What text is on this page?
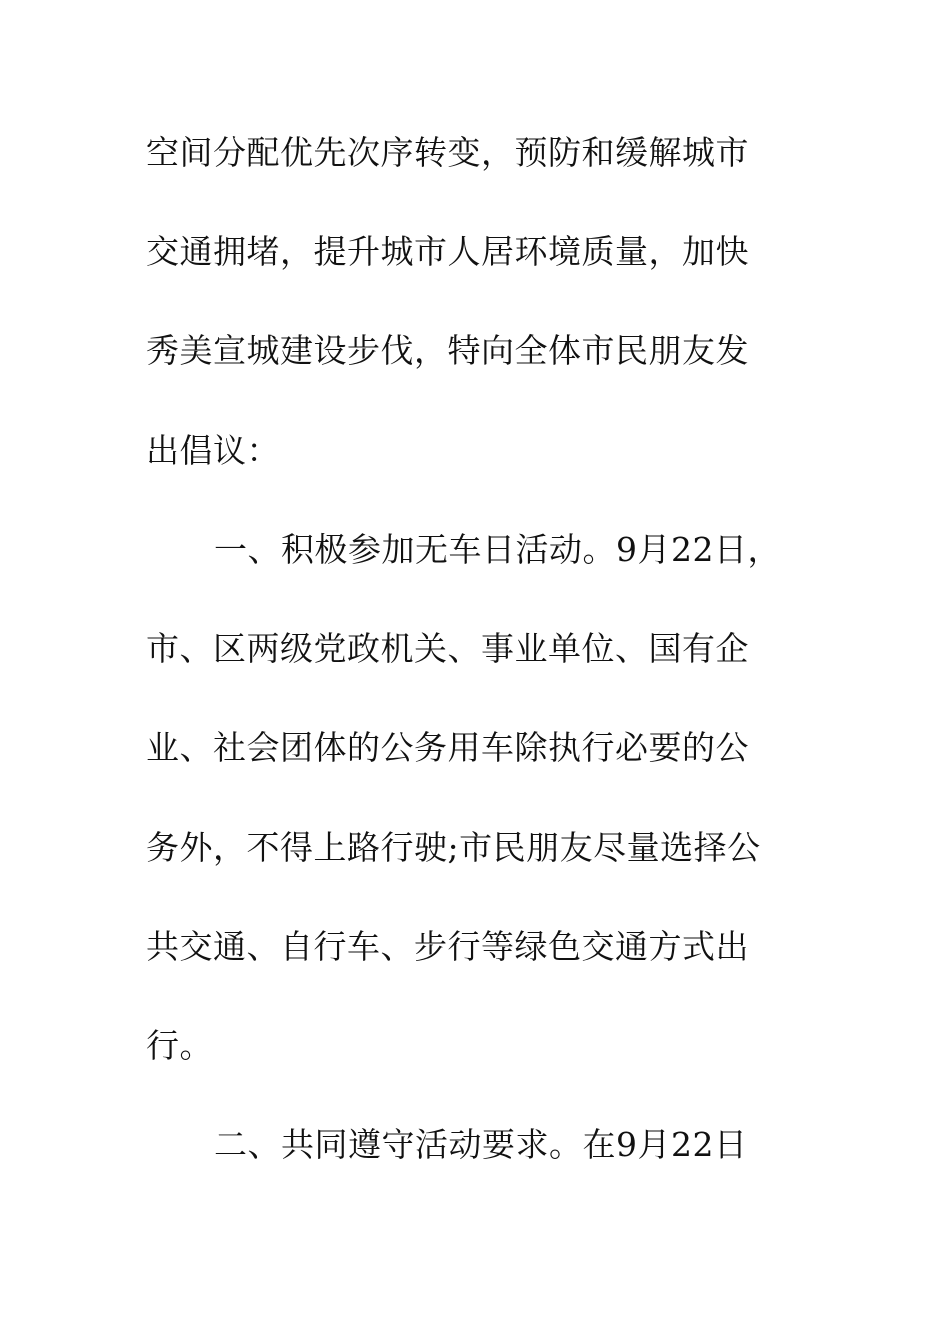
空间分配优先次序转变，预防和缓解城市
交通拥堵，提升城市人居环境质量，加快
秀美宣城建设步伐，特向全体市民朋友发
出倡议：
一、积极参加无车日活动。9月22日，
市、区两级党政机关、事业单位、国有企
业、社会团体的公务用车除执行必要的公
务外，不得上路行驶;市民朋友尽量选择公
共交通、自行车、步行等绿色交通方式出
行。
二、共同遵守活动要求。在9月22日
